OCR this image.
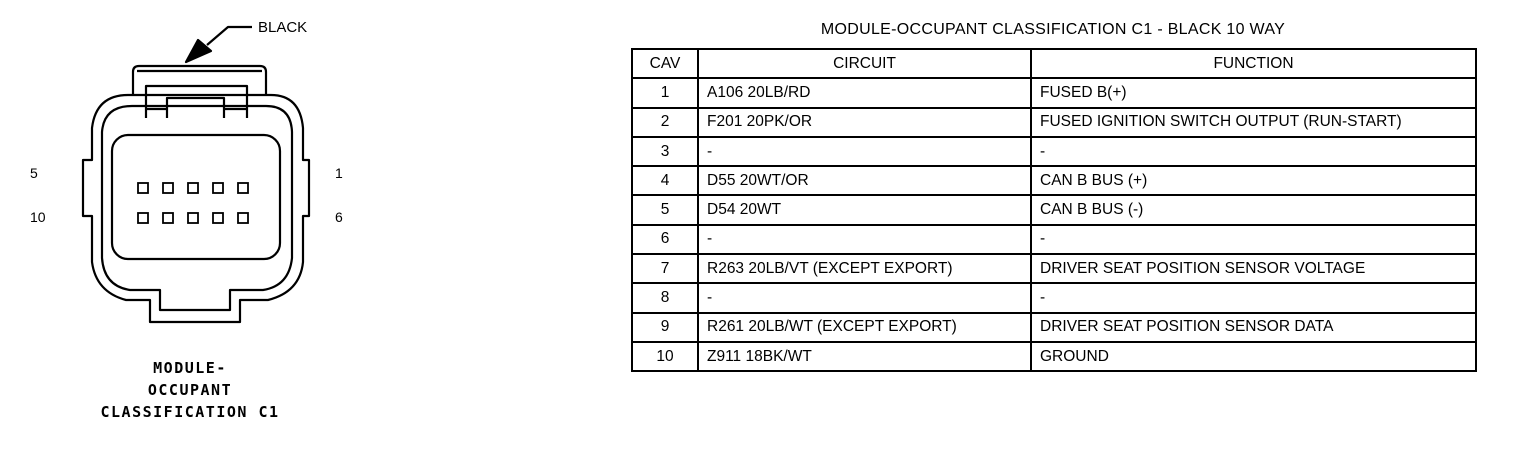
BLACK
5
10
1
6
MODULE-
OCCUPANT
CLASSIFICATION C1
MODULE-OCCUPANT CLASSIFICATION C1 - BLACK 10 WAY
CAV	CIRCUIT	FUNCTION
1	A106 20LB/RD	FUSED B(+)
2	F201 20PK/OR	FUSED IGNITION SWITCH OUTPUT (RUN-START)
3	-	-
4	D55 20WT/OR	CAN B BUS (+)
5	D54 20WT	CAN B BUS (-)
6	-	-
7	R263 20LB/VT (EXCEPT EXPORT)	DRIVER SEAT POSITION SENSOR VOLTAGE
8	-	-
9	R261 20LB/WT (EXCEPT EXPORT)	DRIVER SEAT POSITION SENSOR DATA
10	Z911 18BK/WT	GROUND
